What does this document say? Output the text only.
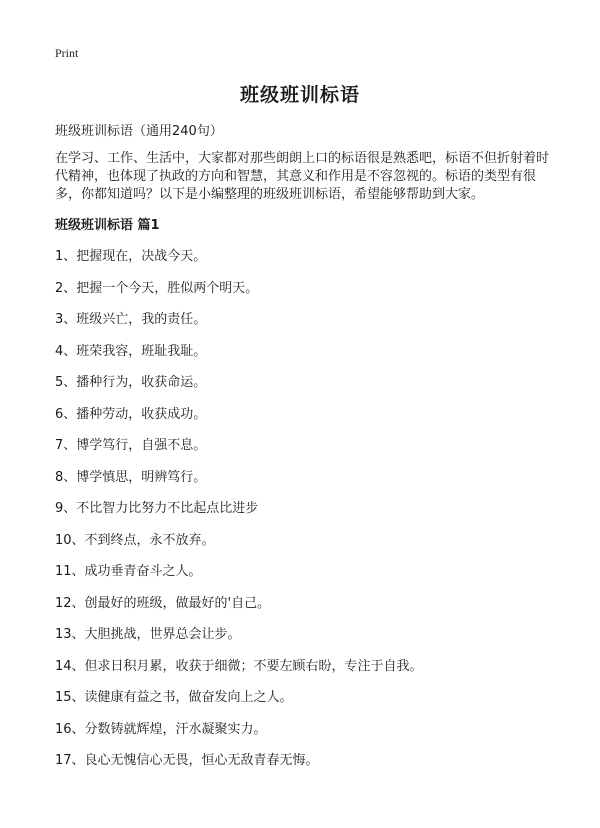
Print
班级班训标语
班级班训标语（通用240句）
在学习、工作、生活中，大家都对那些朗朗上口的标语很是熟悉吧，标语不但折射着时代精神，也体现了执政的方向和智慧，其意义和作用是不容忽视的。标语的类型有很多，你都知道吗？以下是小编整理的班级班训标语，希望能够帮助到大家。
班级班训标语 篇1
1、把握现在，决战今天。
2、把握一个今天，胜似两个明天。
3、班级兴亡，我的责任。
4、班荣我容，班耻我耻。
5、播种行为，收获命运。
6、播种劳动，收获成功。
7、博学笃行，自强不息。
8、博学慎思，明辨笃行。
9、不比智力比努力不比起点比进步
10、不到终点，永不放弃。
11、成功垂青奋斗之人。
12、创最好的班级，做最好的'自己。
13、大胆挑战，世界总会让步。
14、但求日积月累，收获于细微；不要左顾右盼，专注于自我。
15、读健康有益之书，做奋发向上之人。
16、分数铸就辉煌，汗水凝聚实力。
17、良心无愧信心无畏，恒心无敌青春无悔。
